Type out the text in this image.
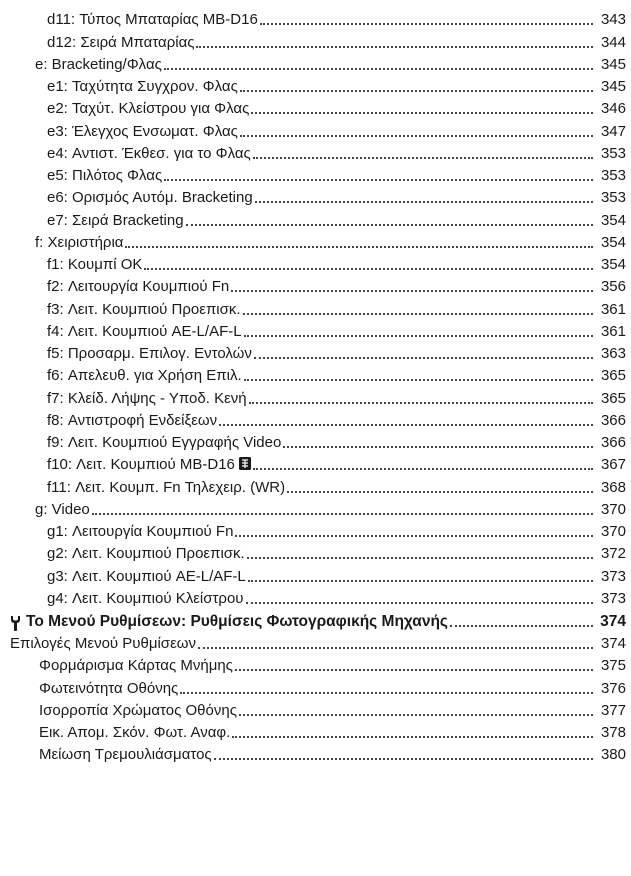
d11: Τύπος Μπαταρίας MB-D16	343
d12: Σειρά Μπαταρίας	344
e: Bracketing/Φλας	345
e1: Ταχύτητα Συγχρον. Φλας	345
e2: Ταχύτ. Κλείστρου για Φλας	346
e3: Έλεγχος Ενσωματ. Φλας	347
e4: Αντιστ. Έκθεσ. για το Φλας	353
e5: Πιλότος Φλας	353
e6: Ορισμός Αυτόμ. Bracketing	353
e7: Σειρά Bracketing	354
f: Χειριστήρια	354
f1: Κουμπί OK	354
f2: Λειτουργία Κουμπιού Fn	356
f3: Λειτ. Κουμπιού Προεπισκ.	361
f4: Λειτ. Κουμπιού AE-L/AF-L	361
f5: Προσαρμ. Επιλογ. Εντολών	363
f6: Απελευθ. για Χρήση Επιλ.	365
f7: Κλείδ. Λήψης - Υποδ. Κενή	365
f8: Αντιστροφή Ενδείξεων	366
f9: Λειτ. Κουμπιού Εγγραφής Video	366
f10: Λειτ. Κουμπιού MB-D16	367
f11: Λειτ. Κουμπ. Fn Τηλεχειρ. (WR)	368
g: Video	370
g1: Λειτουργία Κουμπιού Fn	370
g2: Λειτ. Κουμπιού Προεπισκ.	372
g3: Λειτ. Κουμπιού AE-L/AF-L	373
g4: Λειτ. Κουμπιού Κλείστρου	373
Το Μενού Ρυθμίσεων: Ρυθμίσεις Φωτογραφικής Μηχανής	374
Επιλογές Μενού Ρυθμίσεων	374
Φορμάρισμα Κάρτας Μνήμης	375
Φωτεινότητα Οθόνης	376
Ισορροπία Χρώματος Οθόνης	377
Εικ. Απομ. Σκόν. Φωτ. Αναφ.	378
Μείωση Τρεμουλιάσματος	380
